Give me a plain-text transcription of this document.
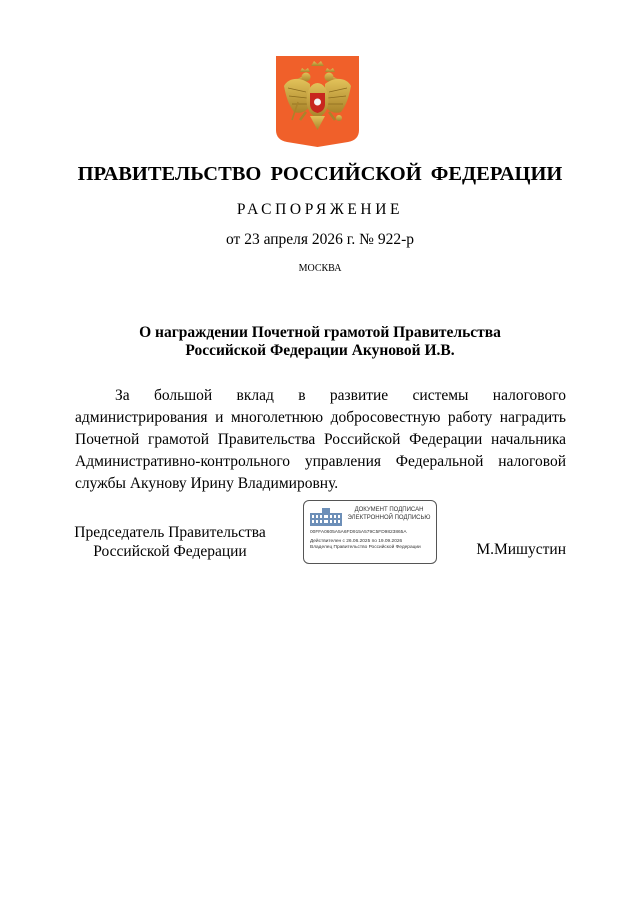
ПРАВИТЕЛЬСТВО РОССИЙСКОЙ ФЕДЕРАЦИИ
РАСПОРЯЖЕНИЕ
от 23 апреля 2026 г. № 922-р
МОСКВА
О награждении Почетной грамотой Правительства
Российской Федерации Акуновой И.В.
За большой вклад в развитие системы налогового администрирования и многолетнюю добросовестную работу наградить Почетной грамотой Правительства Российской Федерации начальника Административно-контрольного управления Федеральной налоговой службы Акунову Ирину Владимировну.
Председатель Правительства
Российской Федерации
ДОКУМЕНТ ПОДПИСАН
ЭЛЕКТРОННОЙ ПОДПИСЬЮ
00FFA0605A5A6FD915A579C5FD9823865A
Действителен с 26.06.2025 по 19.09.2026
Владелец Правительство Российской Федерации	М.Мишустин
